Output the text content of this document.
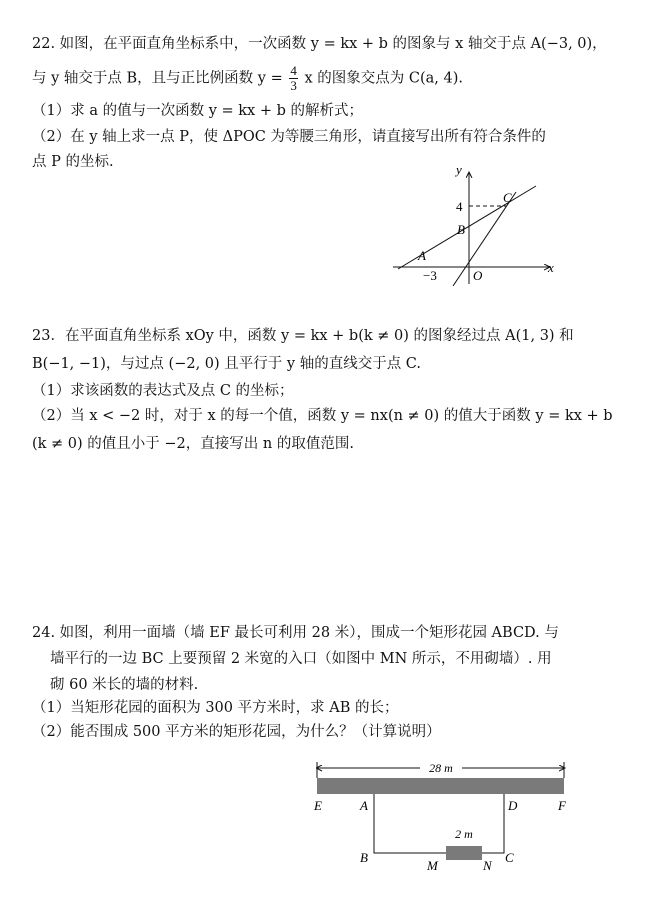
22. 如图，在平面直角坐标系中，一次函数 y = kx + b 的图象与 x 轴交于点 A(−3, 0)，
与 y 轴交于点 B，且与正比例函数 $y = \frac{4}{3}$ x 的图象交点为 C(a, 4).
（1）求 a 的值与一次函数 y = kx + b 的解析式；
（2）在 y 轴上求一点 P，使 ΔPOC 为等腰三角形，请直接写出所有符合条件的
点 P 的坐标.	y
x
4
C
B
A
−3	O
23．在平面直角坐标系 xOy 中，函数 y = kx + b(k ≠ 0) 的图象经过点 A(1, 3) 和
B(−1, −1)，与过点 (−2, 0) 且平行于 y 轴的直线交于点 C.
（1）求该函数的表达式及点 C 的坐标；
（2）当 x < −2 时，对于 x 的每一个值，函数 y = nx(n ≠ 0) 的值大于函数 y = kx + b
(k ≠ 0) 的值且小于 −2，直接写出 n 的取值范围.
24. 如图，利用一面墙（墙 EF 最长可利用 28 米），围成一个矩形花园 ABCD. 与
墙平行的一边 BC 上要预留 2 米宽的入口（如图中 MN 所示，不用砌墙）. 用
砌 60 米长的墙的材料.
（1）当矩形花园的面积为 300 平方米时，求 AB 的长；
（2）能否围成 500 平方米的矩形花园，为什么？（计算说明）
28 m
2 m
E	A	D	F
B	C
M	N
